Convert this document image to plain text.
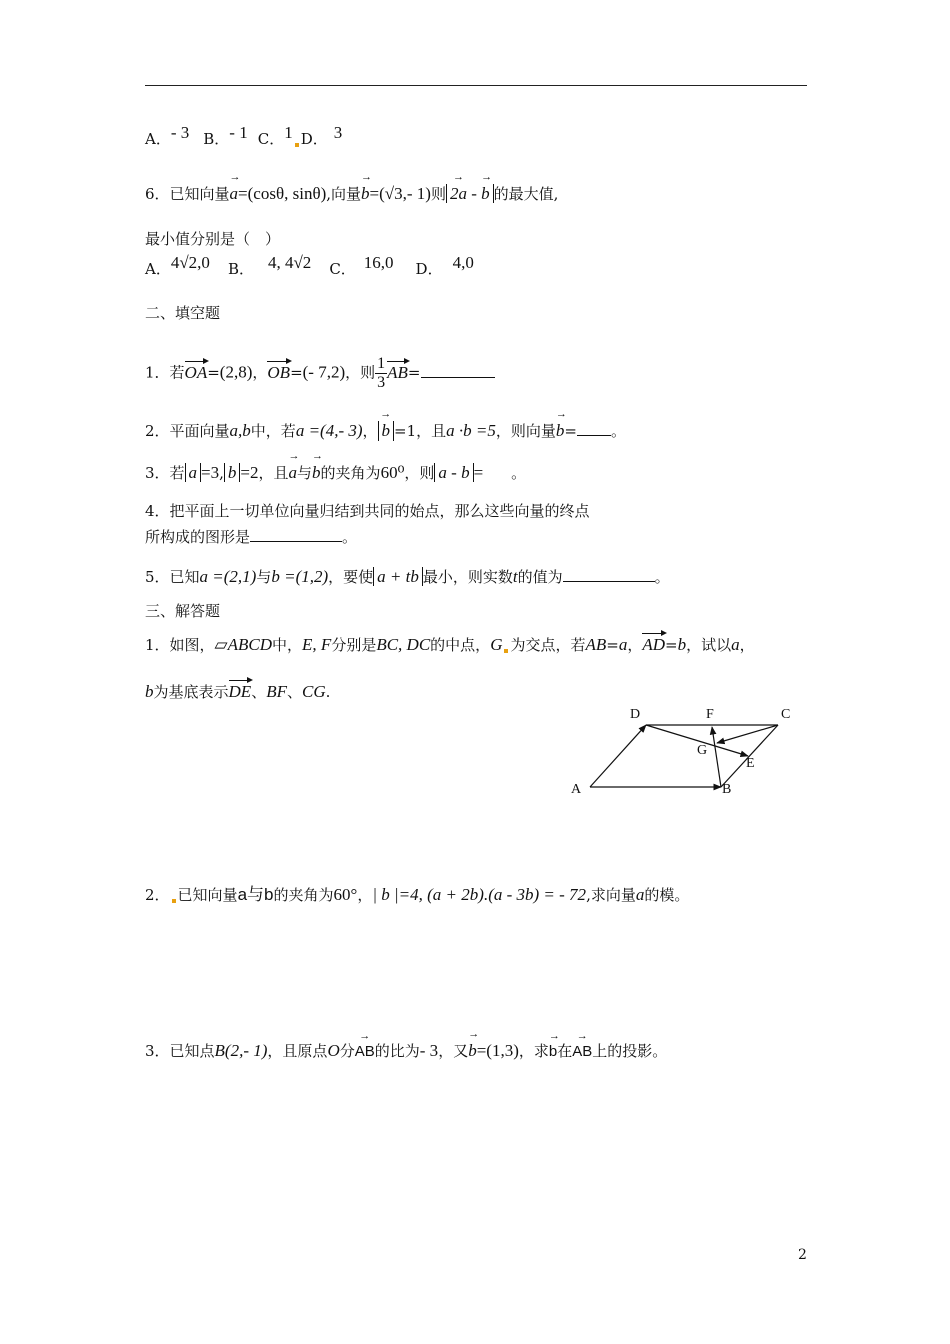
A．- 3 B．- 1 C．1 D． 3
6．已知向量→ a=(cosθ, sinθ),向量→ b=(√3,- 1)则 → 2a - → b 的最大值,
最小值分别是（　）
A．4√2,0 B． 4, 4√2 C． 16,0 D． 4,0
二、填空题
1．若OA=(2,8)，OB=(- 7,2)，则 $\frac{1}{3} AB=$
2．平面向量a,b中，若a =(4,- 3)， → b =1，且a ·b =5，则向量→ b= 。
3．若 a =3, b =2，且→ a与→ b的夹角为60⁰，则 a - b = 。
4．把平面上一切单位向量归结到共同的始点，那么这些向量的终点
所构成的图形是	。
5．已知a =(2,1)与b =(1,2)，要使 a + tb 最小，则实数t的值为	。
三、解答题
1．如图，▱ABCD中，E, F分别是BC, DC的中点，G 为交点，若AB=a，AD=b，试以a，
b为基底表示DE、BF、CG.
A	B
C
D
E
F
G
2． 已知向量a与b的夹角为60°，| b |=4, (a + 2b).(a - 3b) = - 72,求向量a的模。
3．已知点B(2,- 1)，且原点O分→ AB的比为- 3，又→ b=(1,3)，求→ b在→ AB上的投影。
2
